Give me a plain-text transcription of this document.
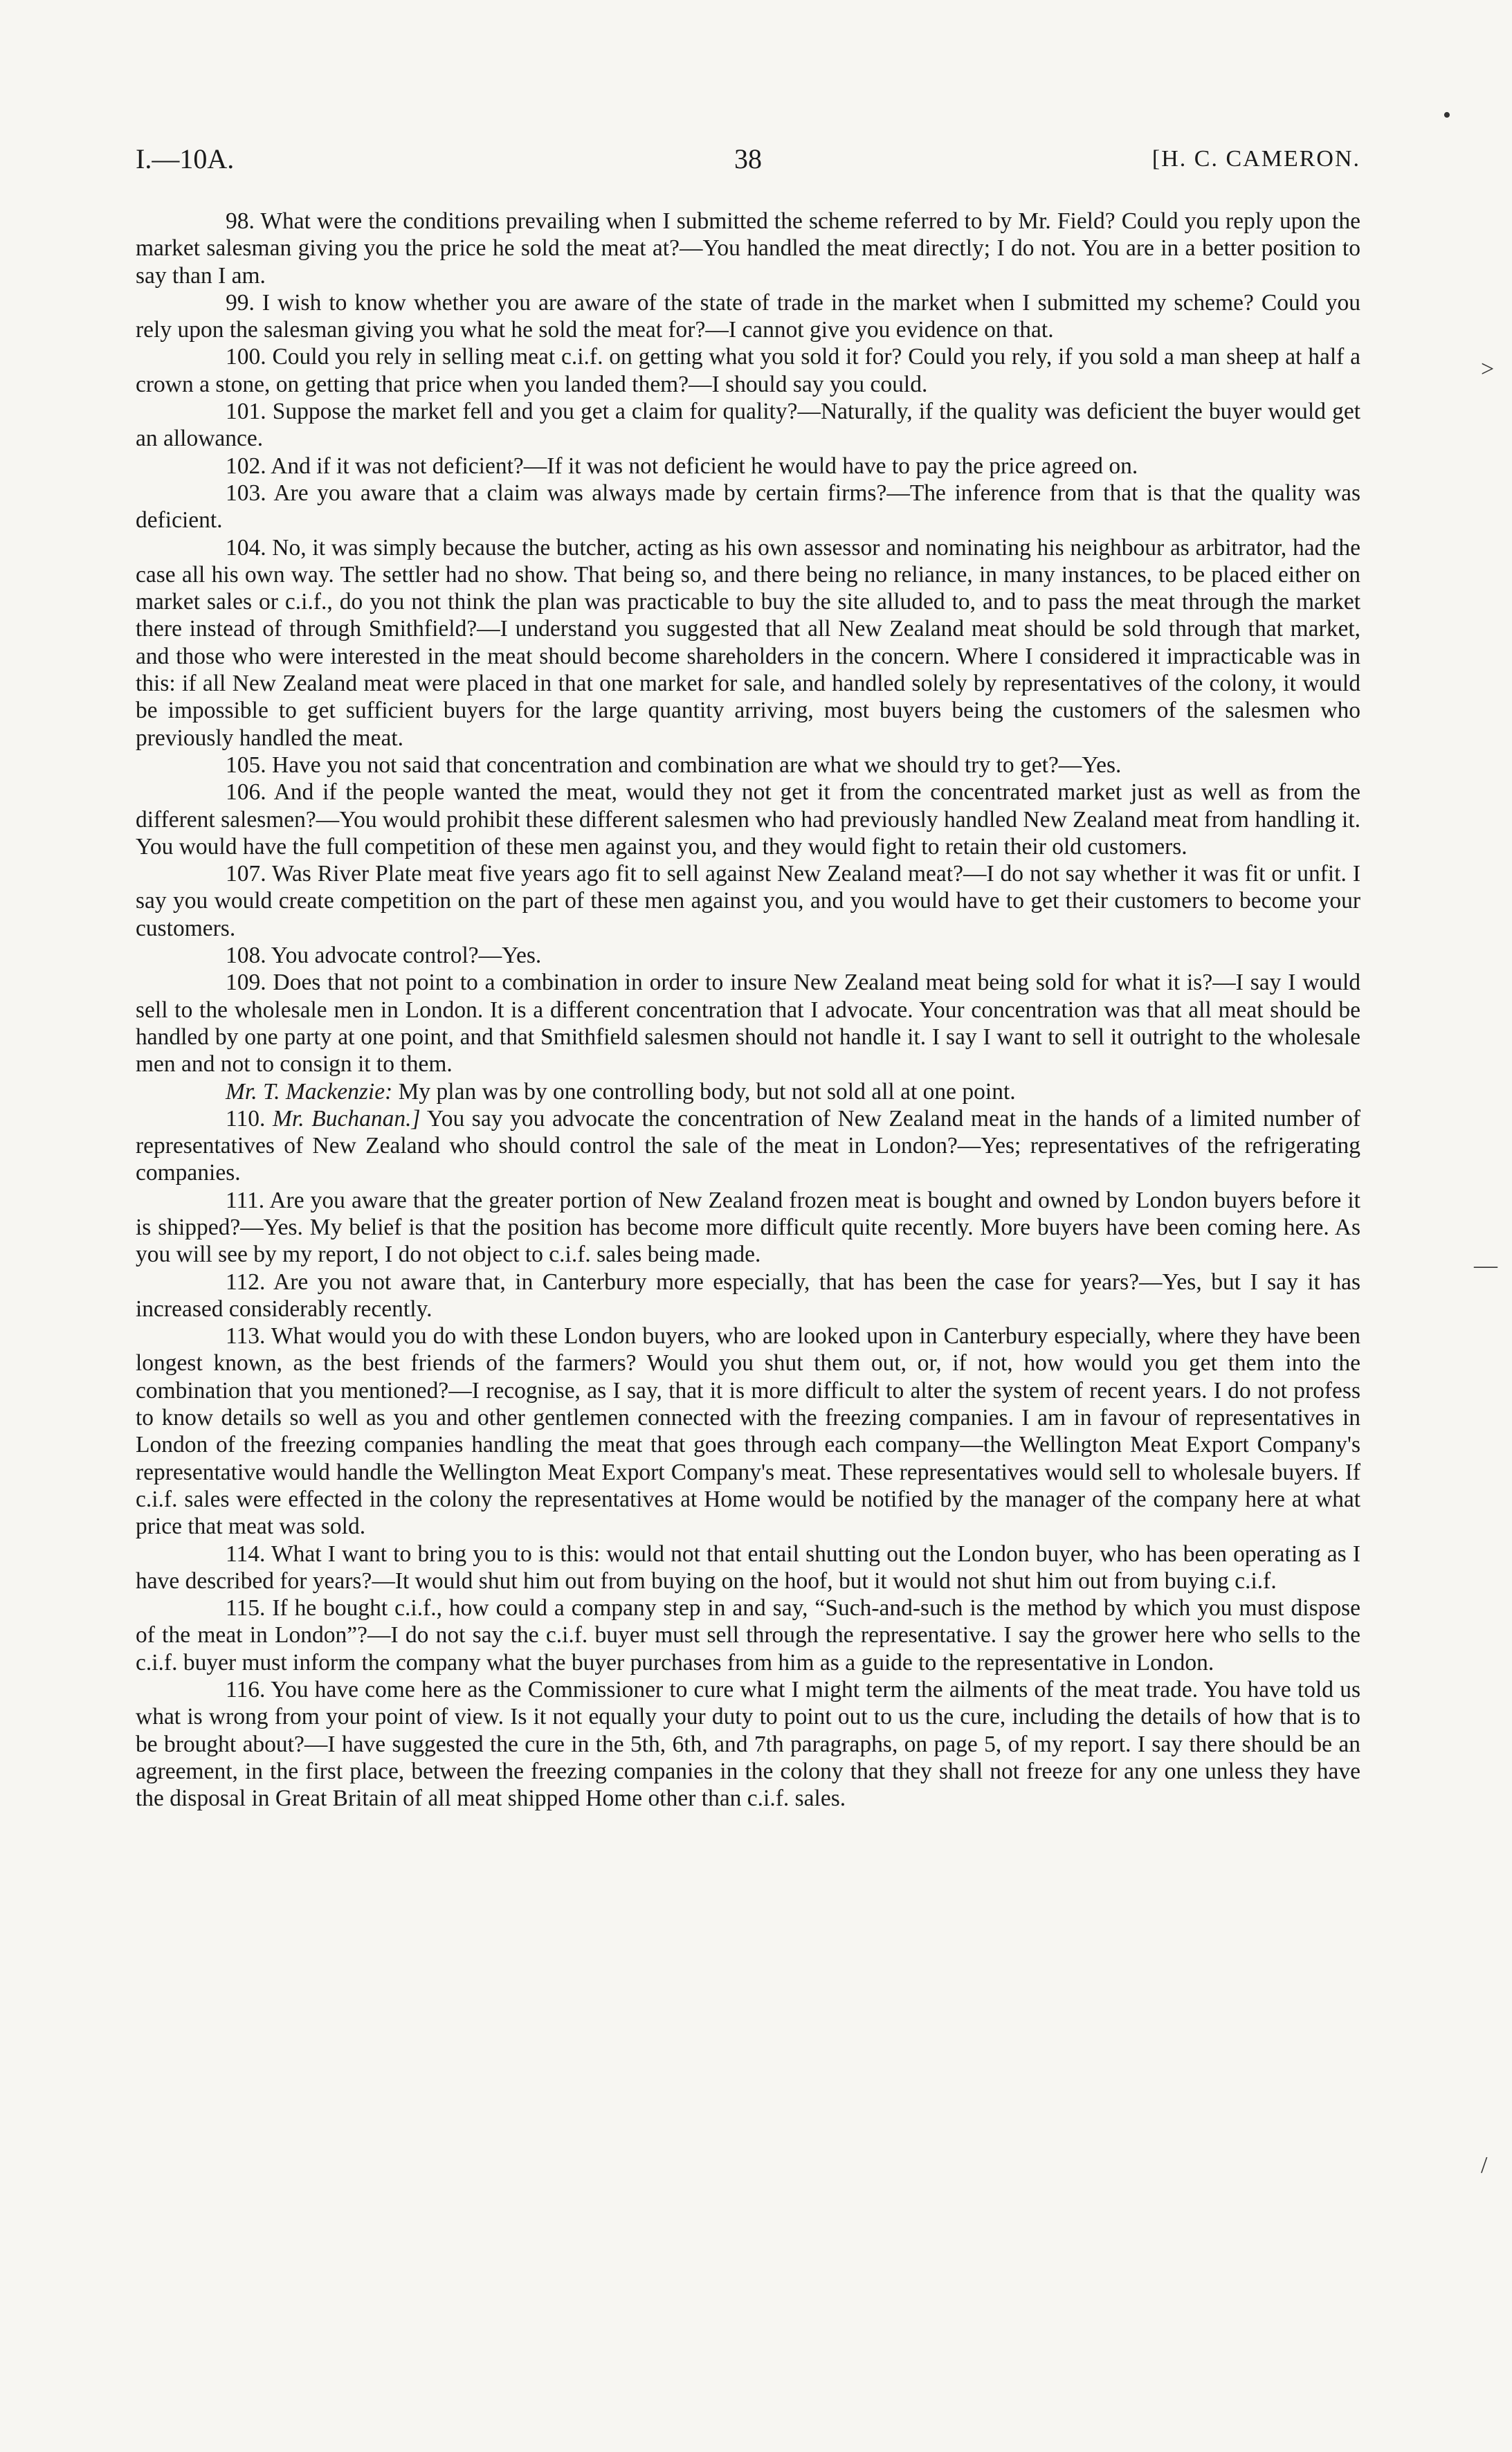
I.—10A.	38	[H. C. CAMERON.

98. What were the conditions prevailing when I submitted the scheme referred to by Mr. Field? Could you reply upon the market salesman giving you the price he sold the meat at?—You handled the meat directly; I do not. You are in a better position to say than I am.

99. I wish to know whether you are aware of the state of trade in the market when I submitted my scheme? Could you rely upon the salesman giving you what he sold the meat for?—I cannot give you evidence on that.

100. Could you rely in selling meat c.i.f. on getting what you sold it for? Could you rely, if you sold a man sheep at half a crown a stone, on getting that price when you landed them?—I should say you could.

101. Suppose the market fell and you get a claim for quality?—Naturally, if the quality was deficient the buyer would get an allowance.

102. And if it was not deficient?—If it was not deficient he would have to pay the price agreed on.

103. Are you aware that a claim was always made by certain firms?—The inference from that is that the quality was deficient.

104. No, it was simply because the butcher, acting as his own assessor and nominating his neighbour as arbitrator, had the case all his own way. The settler had no show. That being so, and there being no reliance, in many instances, to be placed either on market sales or c.i.f., do you not think the plan was practicable to buy the site alluded to, and to pass the meat through the market there instead of through Smithfield?—I understand you suggested that all New Zealand meat should be sold through that market, and those who were interested in the meat should become shareholders in the concern. Where I considered it impracticable was in this: if all New Zealand meat were placed in that one market for sale, and handled solely by representatives of the colony, it would be impossible to get sufficient buyers for the large quantity arriving, most buyers being the customers of the salesmen who previously handled the meat.

105. Have you not said that concentration and combination are what we should try to get?—Yes.

106. And if the people wanted the meat, would they not get it from the concentrated market just as well as from the different salesmen?—You would prohibit these different salesmen who had previously handled New Zealand meat from handling it. You would have the full competition of these men against you, and they would fight to retain their old customers.

107. Was River Plate meat five years ago fit to sell against New Zealand meat?—I do not say whether it was fit or unfit. I say you would create competition on the part of these men against you, and you would have to get their customers to become your customers.

108. You advocate control?—Yes.

109. Does that not point to a combination in order to insure New Zealand meat being sold for what it is?—I say I would sell to the wholesale men in London. It is a different concentration that I advocate. Your concentration was that all meat should be handled by one party at one point, and that Smithfield salesmen should not handle it. I say I want to sell it outright to the wholesale men and not to consign it to them.

Mr. T. Mackenzie: My plan was by one controlling body, but not sold all at one point.

110. Mr. Buchanan.] You say you advocate the concentration of New Zealand meat in the hands of a limited number of representatives of New Zealand who should control the sale of the meat in London?—Yes; representatives of the refrigerating companies.

111. Are you aware that the greater portion of New Zealand frozen meat is bought and owned by London buyers before it is shipped?—Yes. My belief is that the position has become more difficult quite recently. More buyers have been coming here. As you will see by my report, I do not object to c.i.f. sales being made.

112. Are you not aware that, in Canterbury more especially, that has been the case for years?—Yes, but I say it has increased considerably recently.

113. What would you do with these London buyers, who are looked upon in Canterbury especially, where they have been longest known, as the best friends of the farmers? Would you shut them out, or, if not, how would you get them into the combination that you mentioned?—I recognise, as I say, that it is more difficult to alter the system of recent years. I do not profess to know details so well as you and other gentlemen connected with the freezing companies. I am in favour of representatives in London of the freezing companies handling the meat that goes through each company—the Wellington Meat Export Company's representative would handle the Wellington Meat Export Company's meat. These representatives would sell to wholesale buyers. If c.i.f. sales were effected in the colony the representatives at Home would be notified by the manager of the company here at what price that meat was sold.

114. What I want to bring you to is this: would not that entail shutting out the London buyer, who has been operating as I have described for years?—It would shut him out from buying on the hoof, but it would not shut him out from buying c.i.f.

115. If he bought c.i.f., how could a company step in and say, “Such-and-such is the method by which you must dispose of the meat in London”?—I do not say the c.i.f. buyer must sell through the representative. I say the grower here who sells to the c.i.f. buyer must inform the company what the buyer purchases from him as a guide to the representative in London.

116. You have come here as the Commissioner to cure what I might term the ailments of the meat trade. You have told us what is wrong from your point of view. Is it not equally your duty to point out to us the cure, including the details of how that is to be brought about?—I have suggested the cure in the 5th, 6th, and 7th paragraphs, on page 5, of my report. I say there should be an agreement, in the first place, between the freezing companies in the colony that they shall not freeze for any one unless they have the disposal in Great Britain of all meat shipped Home other than c.i.f. sales.

•
>
—
/
